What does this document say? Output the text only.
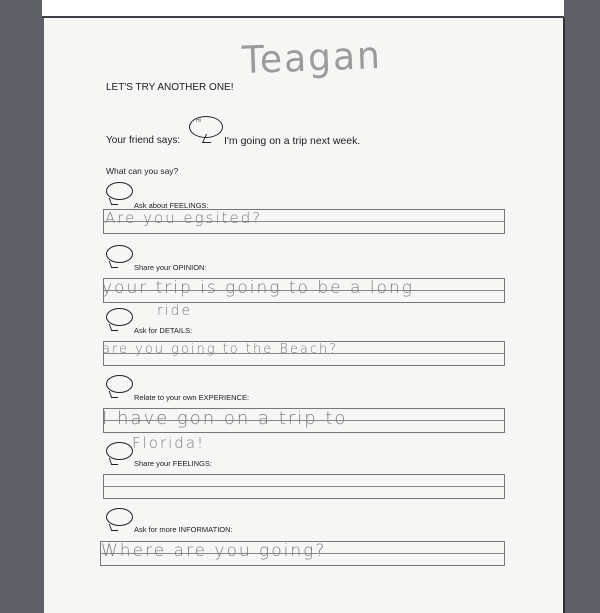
Teagan
LET'S TRY ANOTHER ONE!
Your friend says:
Hi
I'm going on a trip next week.
What can you say?
Ask about FEELINGS:
Are you egsited?
Share your OPINION:
your trip is going to be a long
ride
Ask for DETAILS:
are you going to the Beach?
Relate to your own EXPERIENCE:
I have gon on a trip to
Florida!
Share your FEELINGS:
Ask for more INFORMATION:
Where are you going?
